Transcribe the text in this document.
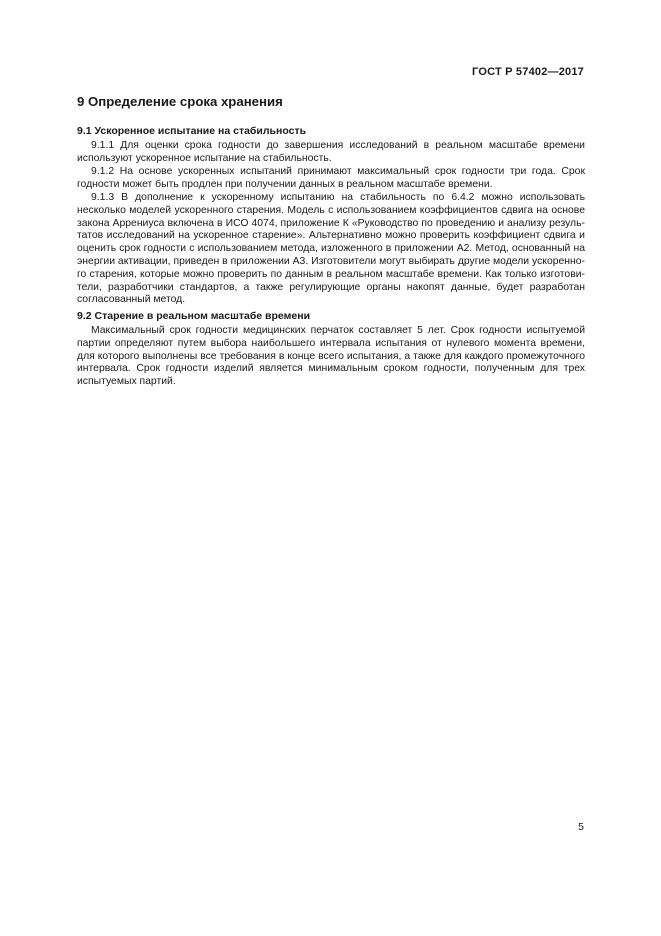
ГОСТ Р 57402—2017
9 Определение срока хранения
9.1 Ускоренное испытание на стабильность
9.1.1 Для оценки срока годности до завершения исследований в реальном масштабе времени
используют ускоренное испытание на стабильность.
9.1.2 На основе ускоренных испытаний принимают максимальный срок годности три года. Срок
годности может быть продлен при получении данных в реальном масштабе времени.
9.1.3 В дополнение к ускоренному испытанию на стабильность по 6.4.2 можно использовать
несколько моделей ускоренного старения. Модель с использованием коэффициентов сдвига на основе
закона Аррениуса включена в ИСО 4074, приложение К «Руководство по проведению и анализу резуль-
татов исследований на ускоренное старение». Альтернативно можно проверить коэффициент сдвига и
оценить срок годности с использованием метода, изложенного в приложении А2. Метод, основанный на
энергии активации, приведен в приложении А3. Изготовители могут выбирать другие модели ускоренно-
го старения, которые можно проверить по данным в реальном масштабе времени. Как только изготови-
тели, разработчики стандартов, а также регулирующие органы накопят данные, будет разработан
согласованный метод.
9.2 Старение в реальном масштабе времени
Максимальный срок годности медицинских перчаток составляет 5 лет. Срок годности испытуемой
партии определяют путем выбора наибольшего интервала испытания от нулевого момента времени,
для которого выполнены все требования в конце всего испытания, а также для каждого промежуточного
интервала. Срок годности изделий является минимальным сроком годности, полученным для трех
испытуемых партий.
5
